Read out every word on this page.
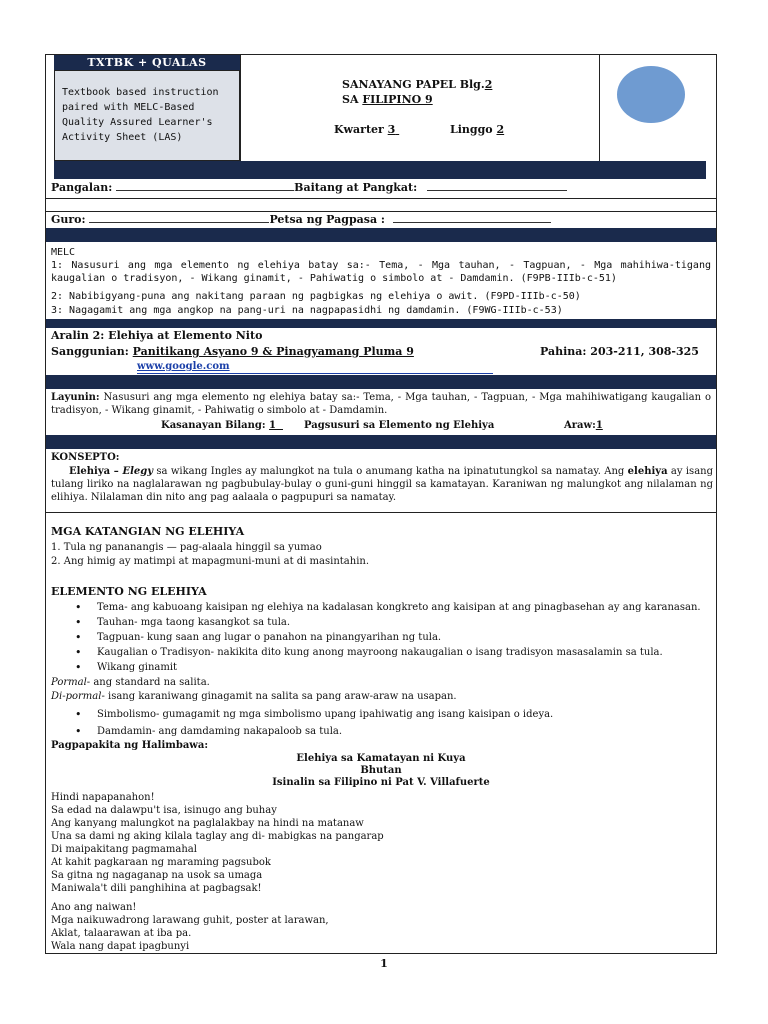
TXTBK + QUALAS
Textbook based instruction paired with MELC-Based Quality Assured Learner's Activity Sheet (LAS)
SANAYANG PAPEL Blg.2
SA FILIPINO 9
Kwarter 3	Linggo 2
Pangalan:	Baitang at Pangkat:
Guro:	Petsa ng Pagpasa :
MELC
1: Nasusuri ang mga elemento ng elehiya batay sa:- Tema, - Mga tauhan, - Tagpuan, - Mga mahihiwa-tigang kaugalian o tradisyon, - Wikang ginamit, - Pahiwatig o simbolo at - Damdamin. (F9PB-IIIb-c-51)
2: Nabibigyang-puna ang nakitang paraan ng pagbigkas ng elehiya o awit. (F9PD-IIIb-c-50)
3: Nagagamit ang mga angkop na pang-uri na nagpapasidhi ng damdamin. (F9WG-IIIb-c-53)
Aralin 2: Elehiya at Elemento Nito
Sanggunian: Panitikang Asyano 9 & Pinagyamang Pluma 9	Pahina: 203-211, 308-325
www.google.com
Layunin: Nasusuri ang mga elemento ng elehiya batay sa:- Tema, - Mga tauhan, - Tagpuan, - Mga mahihiwatigang kaugalian o tradisyon, - Wikang ginamit, - Pahiwatig o simbolo at - Damdamin.
Kasanayan Bilang: 1	Pagsusuri sa Elemento ng Elehiya	Araw:1
KONSEPTO:
Elehiya – Elegy sa wikang Ingles ay malungkot na tula o anumang katha na ipinatutungkol sa namatay. Ang elehiya ay isang tulang liriko na naglalarawan ng pagbubulay-bulay o guni-guni hinggil sa kamatayan. Karaniwan ng malungkot ang nilalaman ng elihiya. Nilalaman din nito ang pag aalaala o pagpupuri sa namatay.
MGA KATANGIAN NG ELEHIYA
1. Tula ng pananangis — pag-alaala hinggil sa yumao
2. Ang himig ay matimpi at mapagmuni-muni at di masintahin.
ELEMENTO NG ELEHIYA
• Tema- ang kabuoang kaisipan ng elehiya na kadalasan kongkreto ang kaisipan at ang pinagbasehan ay ang karanasan.
• Tauhan- mga taong kasangkot sa tula.
• Tagpuan- kung saan ang lugar o panahon na pinangyarihan ng tula.
• Kaugalian o Tradisyon- nakikita dito kung anong mayroong nakaugalian o isang tradisyon masasalamin sa tula.
• Wikang ginamit
Pormal- ang standard na salita.
Di-pormal- isang karaniwang ginagamit na salita sa pang araw-araw na usapan.
• Simbolismo- gumagamit ng mga simbolismo upang ipahiwatig ang isang kaisipan o ideya.
• Damdamin- ang damdaming nakapaloob sa tula.
Pagpapakita ng Halimbawa:
Elehiya sa Kamatayan ni Kuya
Bhutan
Isinalin sa Filipino ni Pat V. Villafuerte
Hindi napapanahon!
Sa edad na dalawpu't isa, isinugo ang buhay
Ang kanyang malungkot na paglalakbay na hindi na matanaw
Una sa dami ng aking kilala taglay ang di- mabigkas na pangarap
Di maipakitang pagmamahal
At kahit pagkaraan ng maraming pagsubok
Sa gitna ng nagaganap na usok sa umaga
Maniwala't dili panghihina at pagbagsak!
Ano ang naiwan!
Mga naikuwadrong larawang guhit, poster at larawan,
Aklat, talaarawan at iba pa.
Wala nang dapat ipagbunyi
1
